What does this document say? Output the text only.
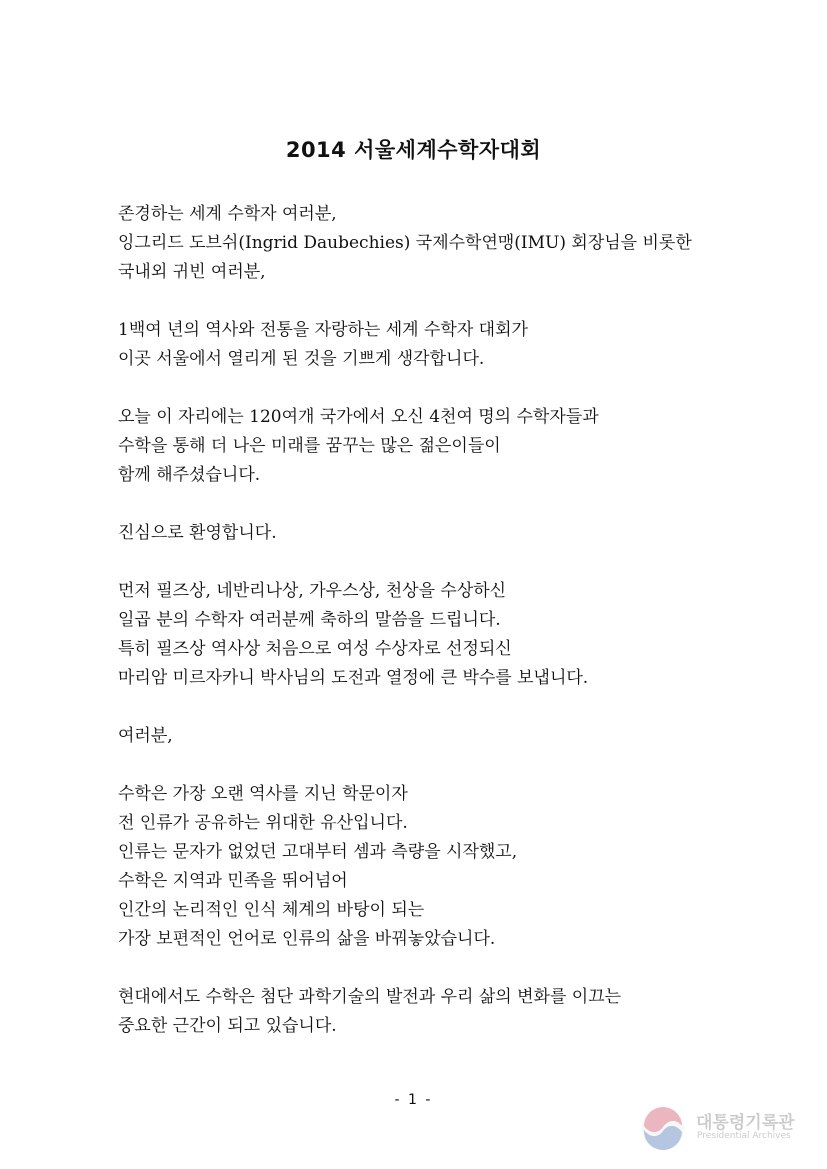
2014 서울세계수학자대회

존경하는 세계 수학자 여러분,
잉그리드 도브쉬(Ingrid Daubechies) 국제수학연맹(IMU) 회장님을 비롯한
국내외 귀빈 여러분,

1백여 년의 역사와 전통을 자랑하는 세계 수학자 대회가
이곳 서울에서 열리게 된 것을 기쁘게 생각합니다.

오늘 이 자리에는 120여개 국가에서 오신 4천여 명의 수학자들과
수학을 통해 더 나은 미래를 꿈꾸는 많은 젊은이들이
함께 해주셨습니다.

진심으로 환영합니다.

먼저 필즈상, 네반리나상, 가우스상, 천상을 수상하신
일곱 분의 수학자 여러분께 축하의 말씀을 드립니다.
특히 필즈상 역사상 처음으로 여성 수상자로 선정되신
마리암 미르자카니 박사님의 도전과 열정에 큰 박수를 보냅니다.

여러분,

수학은 가장 오랜 역사를 지닌 학문이자
전 인류가 공유하는 위대한 유산입니다.
인류는 문자가 없었던 고대부터 셈과 측량을 시작했고,
수학은 지역과 민족을 뛰어넘어
인간의 논리적인 인식 체계의 바탕이 되는
가장 보편적인 언어로 인류의 삶을 바꿔놓았습니다.

현대에서도 수학은 첨단 과학기술의 발전과 우리 삶의 변화를 이끄는
중요한 근간이 되고 있습니다.

- 1 -
대통령기록관
Presidential Archives
